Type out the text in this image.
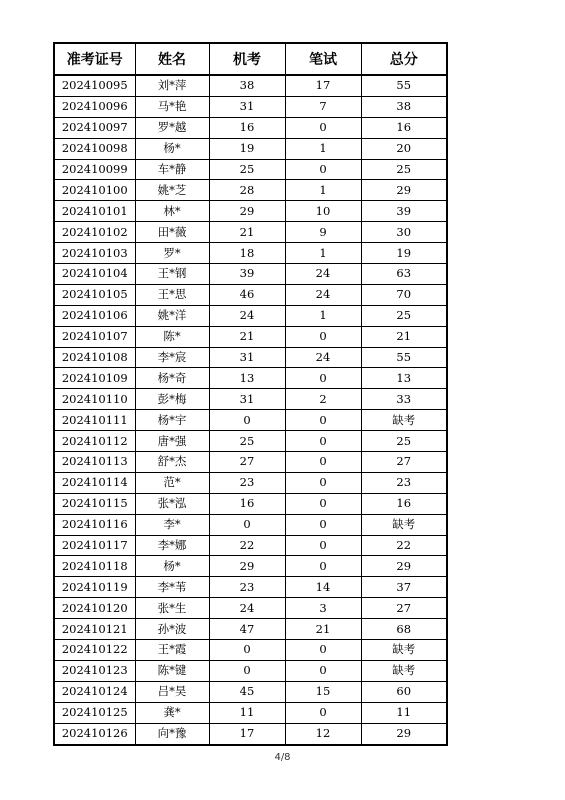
准考证号	姓名	机考	笔试	总分
202410095	刘*萍	38	17	55
202410096	马*艳	31	7	38
202410097	罗*越	16	0	16
202410098	杨*	19	1	20
202410099	车*静	25	0	25
202410100	姚*芝	28	1	29
202410101	林*	29	10	39
202410102	田*薇	21	9	30
202410103	罗*	18	1	19
202410104	王*钢	39	24	63
202410105	王*思	46	24	70
202410106	姚*洋	24	1	25
202410107	陈*	21	0	21
202410108	李*宸	31	24	55
202410109	杨*奇	13	0	13
202410110	彭*梅	31	2	33
202410111	杨*宇	0	0	缺考
202410112	唐*强	25	0	25
202410113	舒*杰	27	0	27
202410114	范*	23	0	23
202410115	张*泓	16	0	16
202410116	李*	0	0	缺考
202410117	李*娜	22	0	22
202410118	杨*	29	0	29
202410119	李*苇	23	14	37
202410120	张*生	24	3	27
202410121	孙*波	47	21	68
202410122	王*霞	0	0	缺考
202410123	陈*键	0	0	缺考
202410124	吕*昊	45	15	60
202410125	龚*	11	0	11
202410126	向*豫	17	12	29
4/8
